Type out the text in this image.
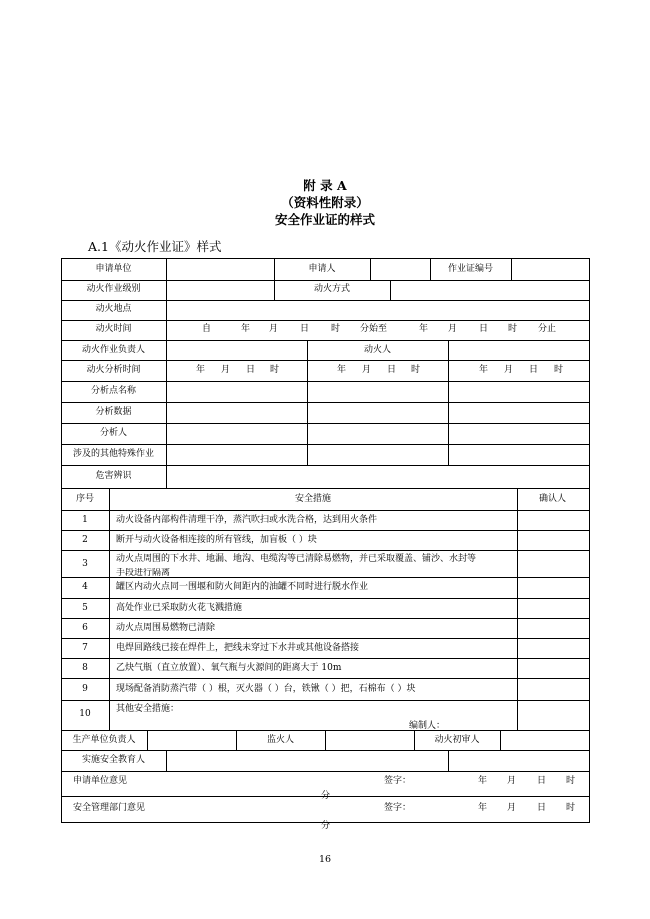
附 录 A
（资料性附录）
安全作业证的样式
A.1《动火作业证》样式
申请单位	申请人	作业证编号
动火作业级别	动火方式
动火地点
动火时间	自	年 月 日 时 分始至	年 月 日 时 分止
动火作业负责人	动火人
动火分析时间	年 月 日 时	年 月 日 时	年 月 日 时
分析点名称
分析数据
分析人
涉及的其他特殊作业
危害辨识
序号	安全措施	确认人
1	动火设备内部构件清理干净，蒸汽吹扫或水洗合格，达到用火条件
2	断开与动火设备相连接的所有管线，加盲板（ ）块
3	动火点周围的下水井、地漏、地沟、电缆沟等已清除易燃物，并已采取覆盖、铺沙、水封等
手段进行隔离
4	罐区内动火点同一围堰和防火间距内的油罐不同时进行脱水作业
5	高处作业已采取防火花飞溅措施
6	动火点周围易燃物已清除
7	电焊回路线已接在焊件上，把线未穿过下水井或其他设备搭接
8	乙炔气瓶（直立放置）、氧气瓶与火源间的距离大于 10m
9	现场配备消防蒸汽带（ ）根，灭火器（ ）台，铁锹（ ）把，石棉布（ ）块
10	其他安全措施：
编制人：
生产单位负责人	监火人	动火初审人
实施安全教育人
申请单位意见	签字：	年 月 日 时
分
安全管理部门意见	签字：	年 月 日 时
分
16
